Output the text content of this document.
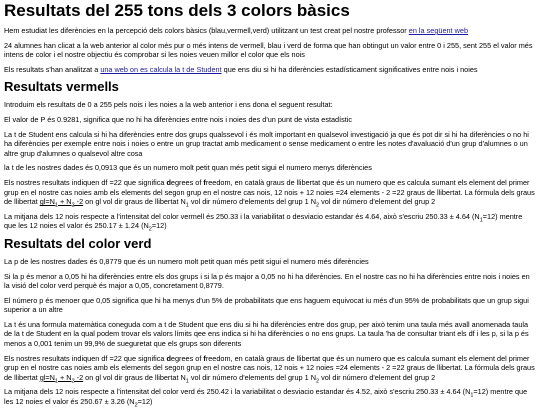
Resultats del 255 tons dels 3 colors bàsics

Hem estudiat les diferències en la percepció dels colors bàsics (blau,vermell,verd) utilitzant un test creat pel nostre professor en la següent web

24 alumnes han clicat a la web anterior al color més pur o més intens de vermell, blau i verd de forma que han obtingut un valor entre 0 i 255, sent 255 el valor més intens de color i el nostre objectiu és comprobar si les noies veuen millor el color que els nois

Els resultats s'han analitzat a una web on es calcula la t de Student que ens diu si hi ha diferències estadísticament significatives entre nois i noies

Resultats vermells

Introduim els resultats de 0 a 255 pels nois i les noies a la web anterior i ens dona el seguent resultat:

El valor de P és 0.9281, significa que no hi ha diferències entre nois i noies des d'un punt de vista estadístic

La t de Student ens calcula si hi ha diferències entre dos grups qualssevol i és molt important en qualsevol investigació ja que és pot dir si hi ha diferències o no hi ha diferències per exemple entre nois i noies o entre un grup tractat amb medicament o sense medicament o entre les notes d'avaluació d'un grup d'alumnes o un altre grup d'alumnes o qualsevol altre cosa

la t de les nostres dades és 0,0913 que és un numero molt petit quan més petit sigui el numero menys diferències

Els nostres resultats indiquen df =22 que significa degrees of freedom, en català graus de llibertat que és un numero que es calcula sumant els element del primer grup en el nostre cas noies amb els elements del segon grup en el nostre cas nois, 12 nois + 12 noies =24 elements - 2 =22 graus de llibertat. La fórmula dels graus de llibertat $gl=N_1 + N_2$ -2 on gl vol dir graus de llibertat $N_1$ vol dir número d'elements del grup 1 $N_2$ vol dir número d'element del grup 2

La mitjana dels 12 nois respecte a l'intensitat del color vermell és 250.33 i la variabilitat o desviacio estandar és 4.64, això s'escriu 250.33 ± 4.64 $(N_1=12)$ mentre que les 12 noies el valor és 250.17 ± 1.24 $(N_2=12)$

Resultats del color verd

La p de les nostres dades és 0,8779 que és un numero molt petit quan més petit sigui el numero més diferències

Si la p és menor a 0,05 hi ha diferències entre els dos grups i si la p és major a 0,05 no hi ha diferències. En el nostre cas no hi ha diferències entre nois i noies en la visió del color verd perquè és major a 0,05, concretament 0,8779.

El número p és menoer que 0,05 significa que hi ha menys d'un 5% de probabilitats que ens haguem equivocat iu més d'un 95% de probabilitats que un grup sigui superior a un altre

La t és una formula matemàtica coneguda com a t de Student que ens diu si hi ha diferències entre dos grup, per això tenim una taula més avall anomenada taula de la t de Student en la qual podem trovar els valors límits qee ens indica si hi ha diferències o no ens grups. La taula 'ha de consultar triant els df i les p, si la p és menos a 0,001 tenim un 99,9% de sueguretat que els grups son diferents

Els nostres resultats indiquen df =22 que significa degrees of freedom, en català graus de llibertat que és un numero que es calcula sumant els element del primer grup en el nostre cas noies amb els elements del segon grup en el nostre cas nois, 12 nois + 12 noies =24 elements - 2 =22 graus de llibertat. La fórmula dels graus de llibertat $gl=N_1 + N_2$ -2 on gl vol dir graus de llibertat $N_1$ vol dir número d'elements del grup 1 $N_2$ vol dir número d'element del grup 2

La mitjana dels 12 nois respecte a l'intensitat del color verd és 250.42 i la variabilitat o desviacio estandar és 4.52, això s'escriu 250.33 ± 4.64 $(N_1=12)$ mentre que les 12 noies el valor és 250.67 ± 3.26 $(N_2=12)$
